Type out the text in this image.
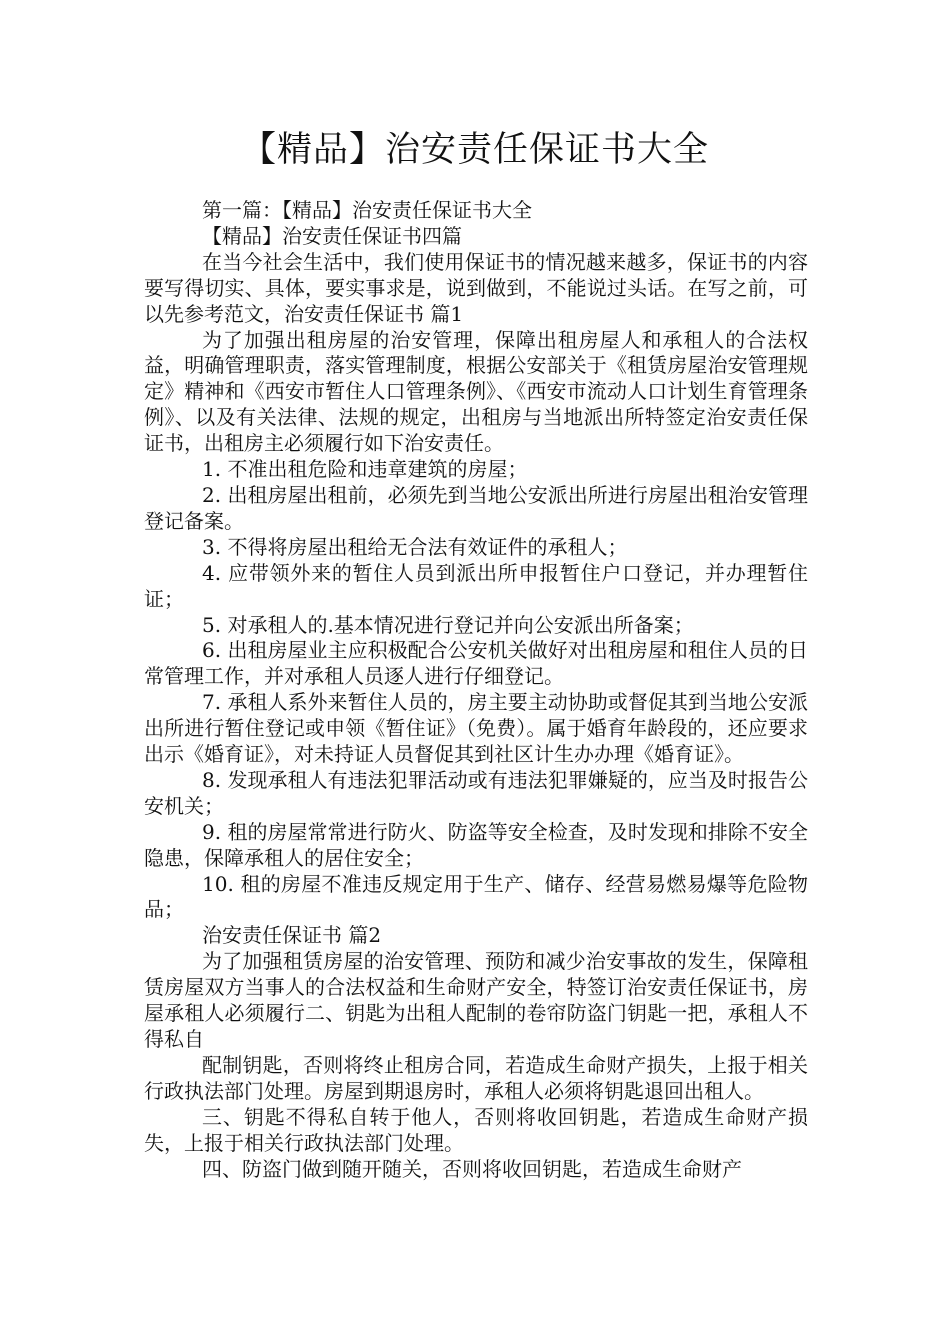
【精品】治安责任保证书大全

第一篇：【精品】治安责任保证书大全

【精品】治安责任保证书四篇

在当今社会生活中，我们使用保证书的情况越来越多，保证书的内容要写得切实、具体，要实事求是，说到做到，不能说过头话。在写之前，可以先参考范文，治安责任保证书 篇1

为了加强出租房屋的治安管理，保障出租房屋人和承租人的合法权益，明确管理职责，落实管理制度，根据公安部关于《租赁房屋治安管理规定》精神和《西安市暂住人口管理条例》、《西安市流动人口计划生育管理条例》、以及有关法律、法规的规定，出租房与当地派出所特签定治安责任保证书，出租房主必须履行如下治安责任。

1. 不准出租危险和违章建筑的房屋；

2. 出租房屋出租前，必须先到当地公安派出所进行房屋出租治安管理登记备案。

3. 不得将房屋出租给无合法有效证件的承租人；

4. 应带领外来的暂住人员到派出所申报暂住户口登记，并办理暂住证；

5. 对承租人的.基本情况进行登记并向公安派出所备案；

6. 出租房屋业主应积极配合公安机关做好对出租房屋和租住人员的日常管理工作，并对承租人员逐人进行仔细登记。

7. 承租人系外来暂住人员的，房主要主动协助或督促其到当地公安派出所进行暂住登记或申领《暂住证》（免费）。属于婚育年龄段的，还应要求出示《婚育证》，对未持证人员督促其到社区计生办办理《婚育证》。

8. 发现承租人有违法犯罪活动或有违法犯罪嫌疑的，应当及时报告公安机关；

9. 租的房屋常常进行防火、防盗等安全检查，及时发现和排除不安全隐患，保障承租人的居住安全；

10. 租的房屋不准违反规定用于生产、储存、经营易燃易爆等危险物品；

治安责任保证书 篇2

为了加强租赁房屋的治安管理、预防和减少治安事故的发生，保障租赁房屋双方当事人的合法权益和生命财产安全，特签订治安责任保证书，房屋承租人必须履行二、钥匙为出租人配制的卷帘防盗门钥匙一把，承租人不得私自

配制钥匙，否则将终止租房合同，若造成生命财产损失，上报于相关行政执法部门处理。房屋到期退房时，承租人必须将钥匙退回出租人。

三、钥匙不得私自转于他人，否则将收回钥匙，若造成生命财产损失，上报于相关行政执法部门处理。

四、防盗门做到随开随关，否则将收回钥匙，若造成生命财产
